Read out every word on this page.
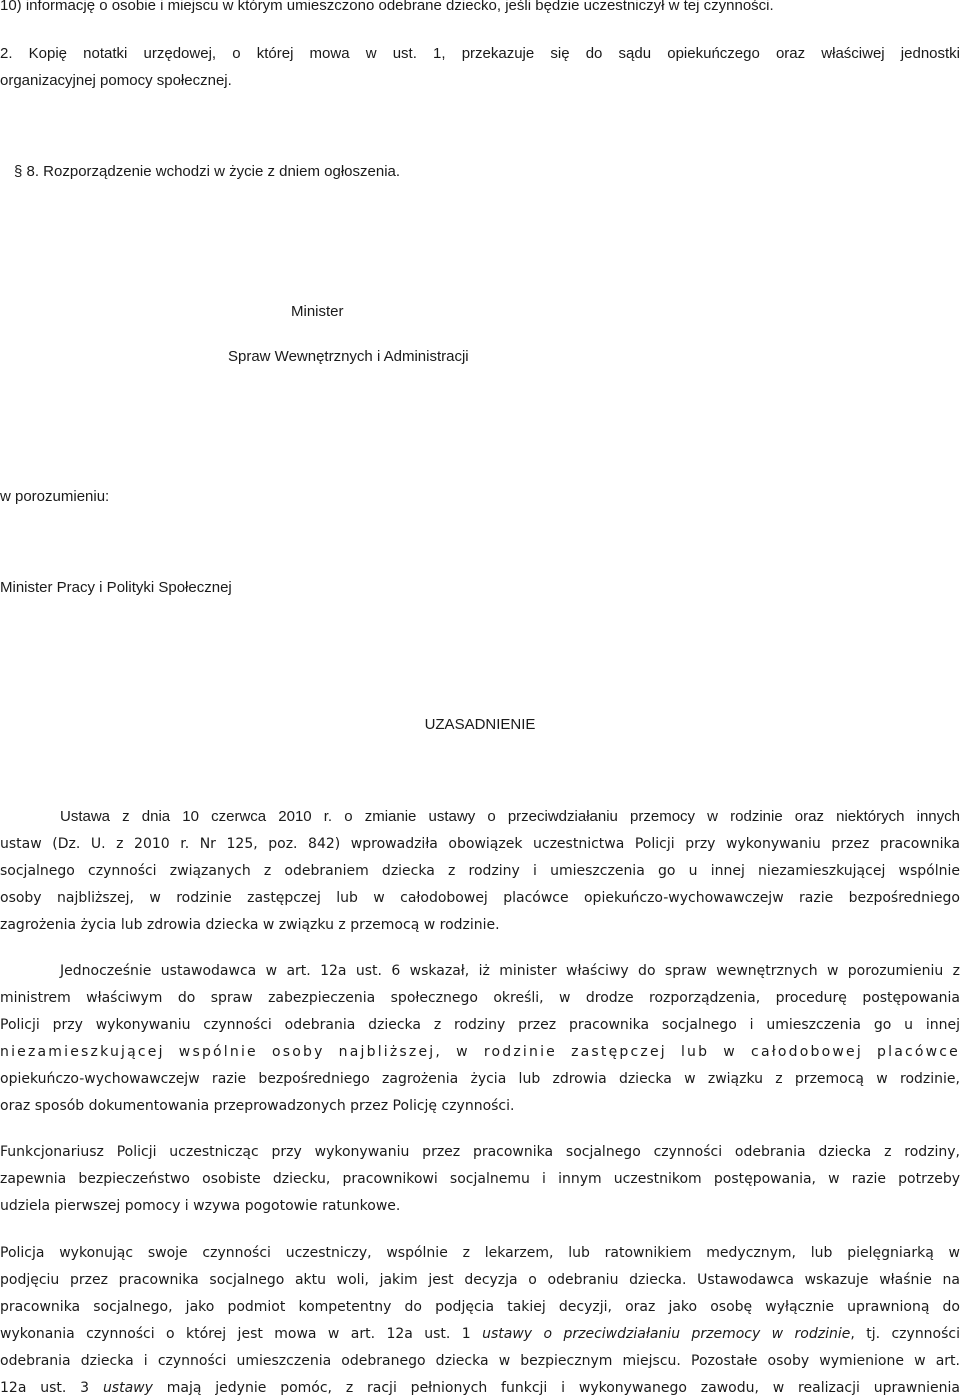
10) informację o osobie i miejscu w którym umieszczono odebrane dziecko, jeśli będzie uczestniczył w tej czynności.

2. Kopię notatki urzędowej, o której mowa w ust. 1, przekazuje się do sądu opiekuńczego oraz właściwej jednostki

organizacyjnej pomocy społecznej.

§ 8. Rozporządzenie wchodzi w życie z dniem ogłoszenia.

Minister

Spraw Wewnętrznych i Administracji

w porozumieniu:

Minister Pracy i Polityki Społecznej

UZASADNIENIE

Ustawa z dnia 10 czerwca 2010 r. o zmianie ustawy o przeciwdziałaniu przemocy w rodzinie oraz niektórych innych

ustaw (Dz. U. z 2010 r. Nr 125, poz. 842) wprowadziła obowiązek uczestnictwa Policji przy wykonywaniu przez pracownika

socjalnego czynności związanych z odebraniem dziecka z rodziny i umieszczenia go u innej niezamieszkującej wspólnie

osoby najbliższej, w rodzinie zastępczej lub w całodobowej placówce opiekuńczo-wychowawczejw razie bezpośredniego

zagrożenia życia lub zdrowia dziecka w związku z przemocą w rodzinie.

Jednocześnie ustawodawca w art. 12a ust. 6 wskazał, iż minister właściwy do spraw wewnętrznych w porozumieniu z

ministrem właściwym do spraw zabezpieczenia społecznego określi, w drodze rozporządzenia, procedurę postępowania

Policji przy wykonywaniu czynności odebrania dziecka z rodziny przez pracownika socjalnego i umieszczenia go u innej

niezamieszkującej wspólnie osoby najbliższej, w rodzinie zastępczej lub w całodobowej placówce

opiekuńczo-wychowawczejw razie bezpośredniego zagrożenia życia lub zdrowia dziecka w związku z przemocą w rodzinie,

oraz sposób dokumentowania przeprowadzonych przez Policję czynności.

Funkcjonariusz Policji uczestnicząc przy wykonywaniu przez pracownika socjalnego czynności odebrania dziecka z rodziny,

zapewnia bezpieczeństwo osobiste dziecku, pracownikowi socjalnemu i innym uczestnikom postępowania, w razie potrzeby

udziela pierwszej pomocy i wzywa pogotowie ratunkowe.

Policja wykonując swoje czynności uczestniczy, wspólnie z lekarzem, lub ratownikiem medycznym, lub pielęgniarką w

podjęciu przez pracownika socjalnego aktu woli, jakim jest decyzja o odebraniu dziecka. Ustawodawca wskazuje właśnie na

pracownika socjalnego, jako podmiot kompetentny do podjęcia takiej decyzji, oraz jako osobę wyłącznie uprawnioną do

wykonania czynności o której jest mowa w art. 12a ust. 1 ustawy o przeciwdziałaniu przemocy w rodzinie, tj. czynności

odebrania dziecka i czynności umieszczenia odebranego dziecka w bezpiecznym miejscu. Pozostałe osoby wymienione w art.

12a ust. 3 ustawy mają jedynie pomóc, z racji pełnionych funkcji i wykonywanego zawodu, w realizacji uprawnienia
